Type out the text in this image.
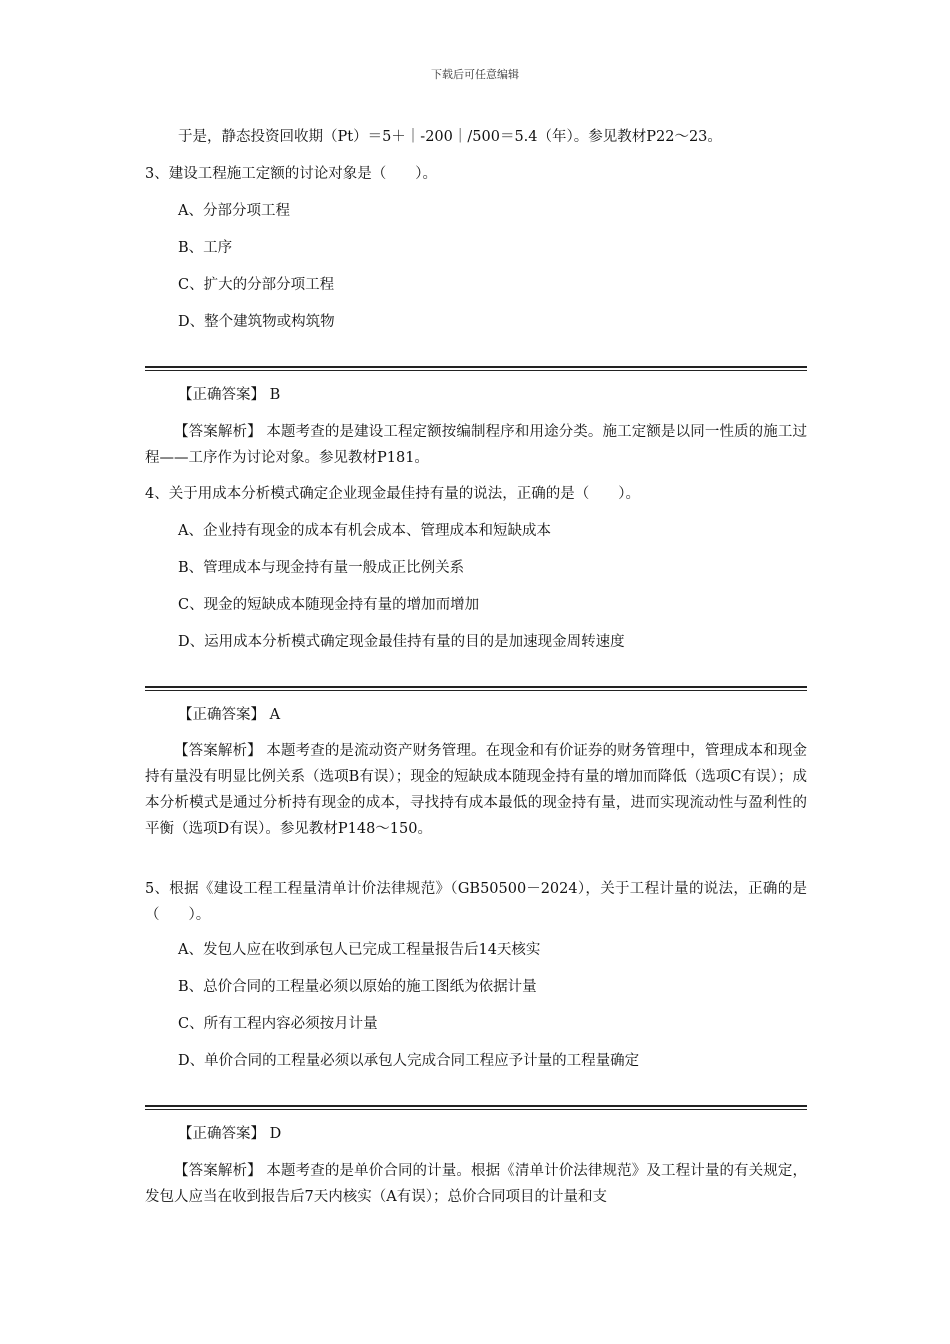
下载后可任意编辑
于是，静态投资回收期（Pt）＝5＋｜-200｜/500＝5.4（年）。参见教材P22～23。
3、建设工程施工定额的讨论对象是（　　）。
A、分部分项工程
B、工序
C、扩大的分部分项工程
D、整个建筑物或构筑物
【正确答案】 B
【答案解析】 本题考查的是建设工程定额按编制程序和用途分类。施工定额是以同一性质的施工过程——工序作为讨论对象。参见教材P181。
4、关于用成本分析模式确定企业现金最佳持有量的说法，正确的是（　　）。
A、企业持有现金的成本有机会成本、管理成本和短缺成本
B、管理成本与现金持有量一般成正比例关系
C、现金的短缺成本随现金持有量的增加而增加
D、运用成本分析模式确定现金最佳持有量的目的是加速现金周转速度
【正确答案】 A
【答案解析】 本题考查的是流动资产财务管理。在现金和有价证券的财务管理中，管理成本和现金持有量没有明显比例关系（选项B有误）；现金的短缺成本随现金持有量的增加而降低（选项C有误）；成本分析模式是通过分析持有现金的成本，寻找持有成本最低的现金持有量，进而实现流动性与盈利性的平衡（选项D有误）。参见教材P148～150。
5、根据《建设工程工程量清单计价法律规范》（GB50500－2024），关于工程计量的说法，正确的是（　　）。
A、发包人应在收到承包人已完成工程量报告后14天核实
B、总价合同的工程量必须以原始的施工图纸为依据计量
C、所有工程内容必须按月计量
D、单价合同的工程量必须以承包人完成合同工程应予计量的工程量确定
【正确答案】 D
【答案解析】 本题考查的是单价合同的计量。根据《清单计价法律规范》及工程计量的有关规定，发包人应当在收到报告后7天内核实（A有误）；总价合同项目的计量和支
